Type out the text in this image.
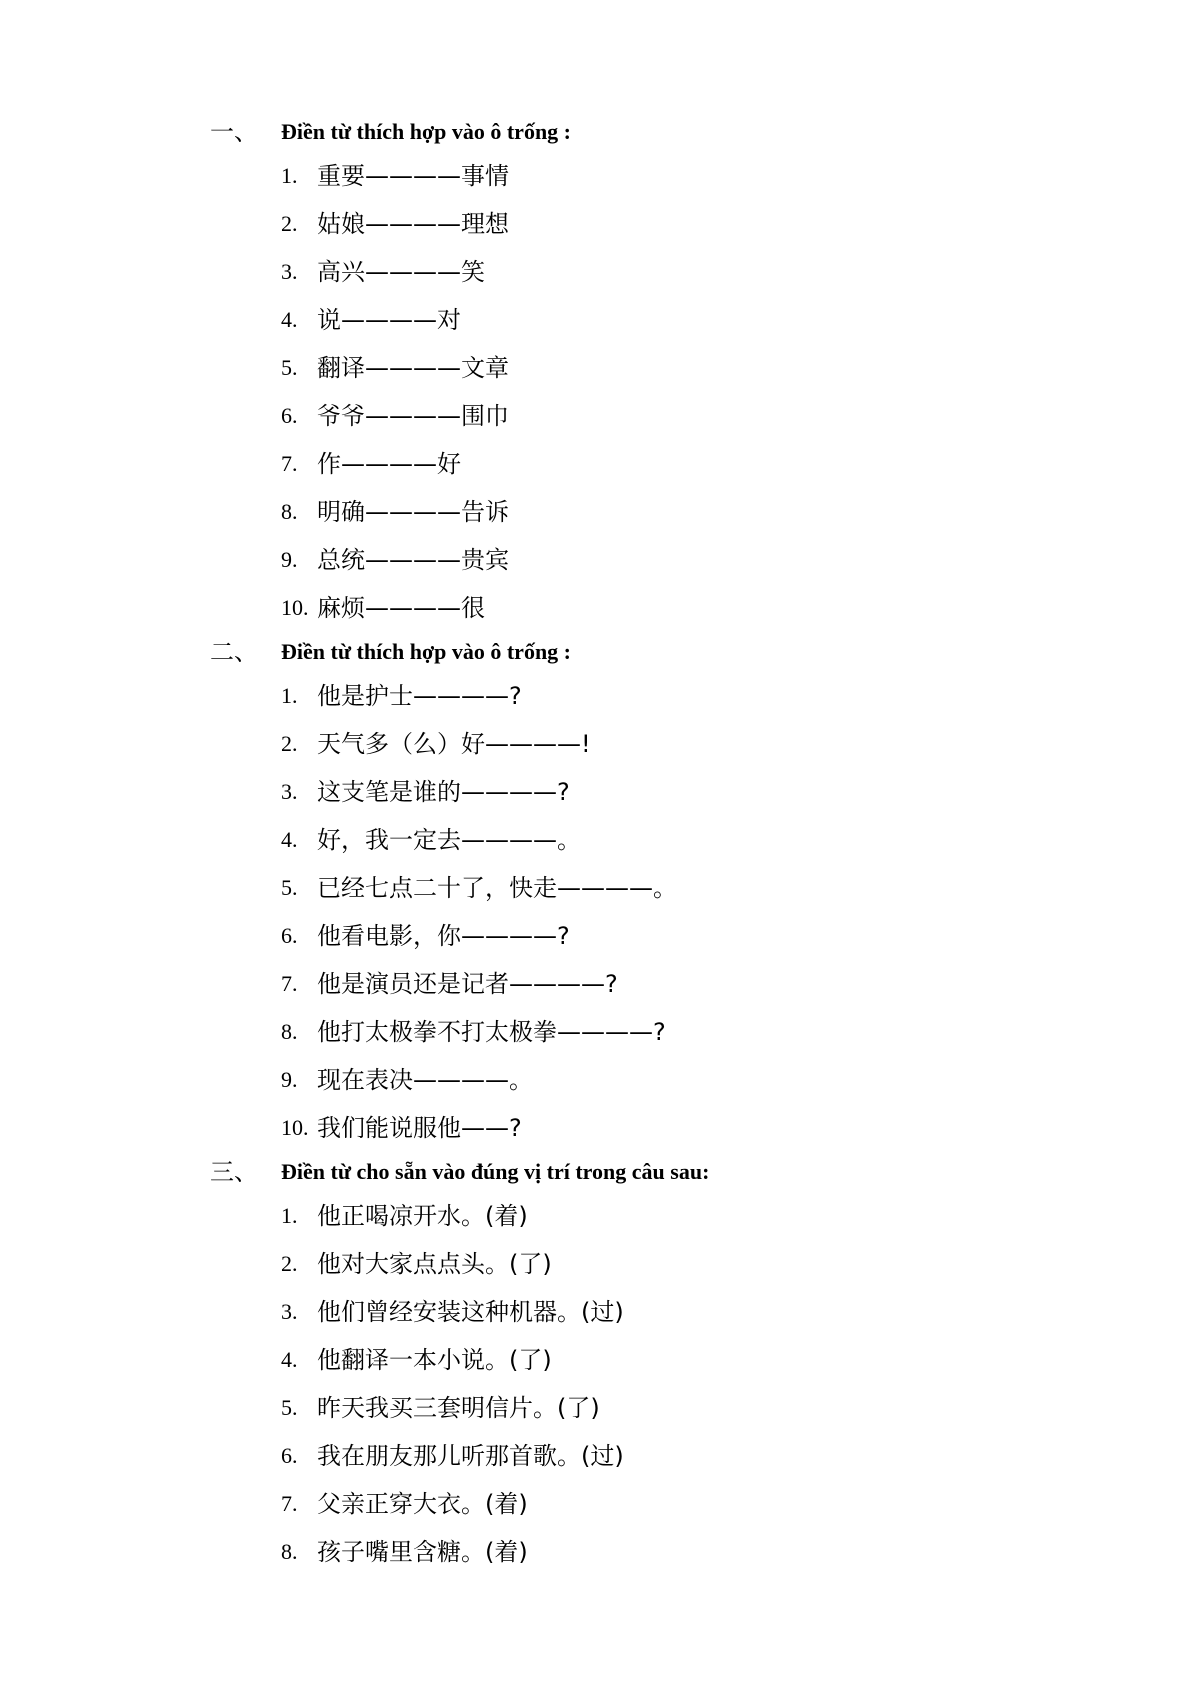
一、 Điền từ thích hợp vào ô trống :
1. 重要————事情
2. 姑娘————理想
3. 高兴————笑
4. 说————对
5. 翻译————文章
6. 爷爷————围巾
7. 作————好
8. 明确————告诉
9. 总统————贵宾
10. 麻烦————很
二、 Điền từ thích hợp vào ô trống :
1. 他是护士————?
2. 天气多（么）好————!
3. 这支笔是谁的————?
4. 好，我一定去————。
5. 已经七点二十了，快走————。
6. 他看电影，你————?
7. 他是演员还是记者————?
8. 他打太极拳不打太极拳————?
9. 现在表决————。
10. 我们能说服他——?
三、 Điền từ cho sẵn vào đúng vị trí trong câu sau:
1. 他正喝凉开水。(着)
2. 他对大家点点头。(了)
3. 他们曾经安装这种机器。(过)
4. 他翻译一本小说。(了)
5. 昨天我买三套明信片。(了)
6. 我在朋友那儿听那首歌。(过)
7. 父亲正穿大衣。(着)
8. 孩子嘴里含糖。(着)
